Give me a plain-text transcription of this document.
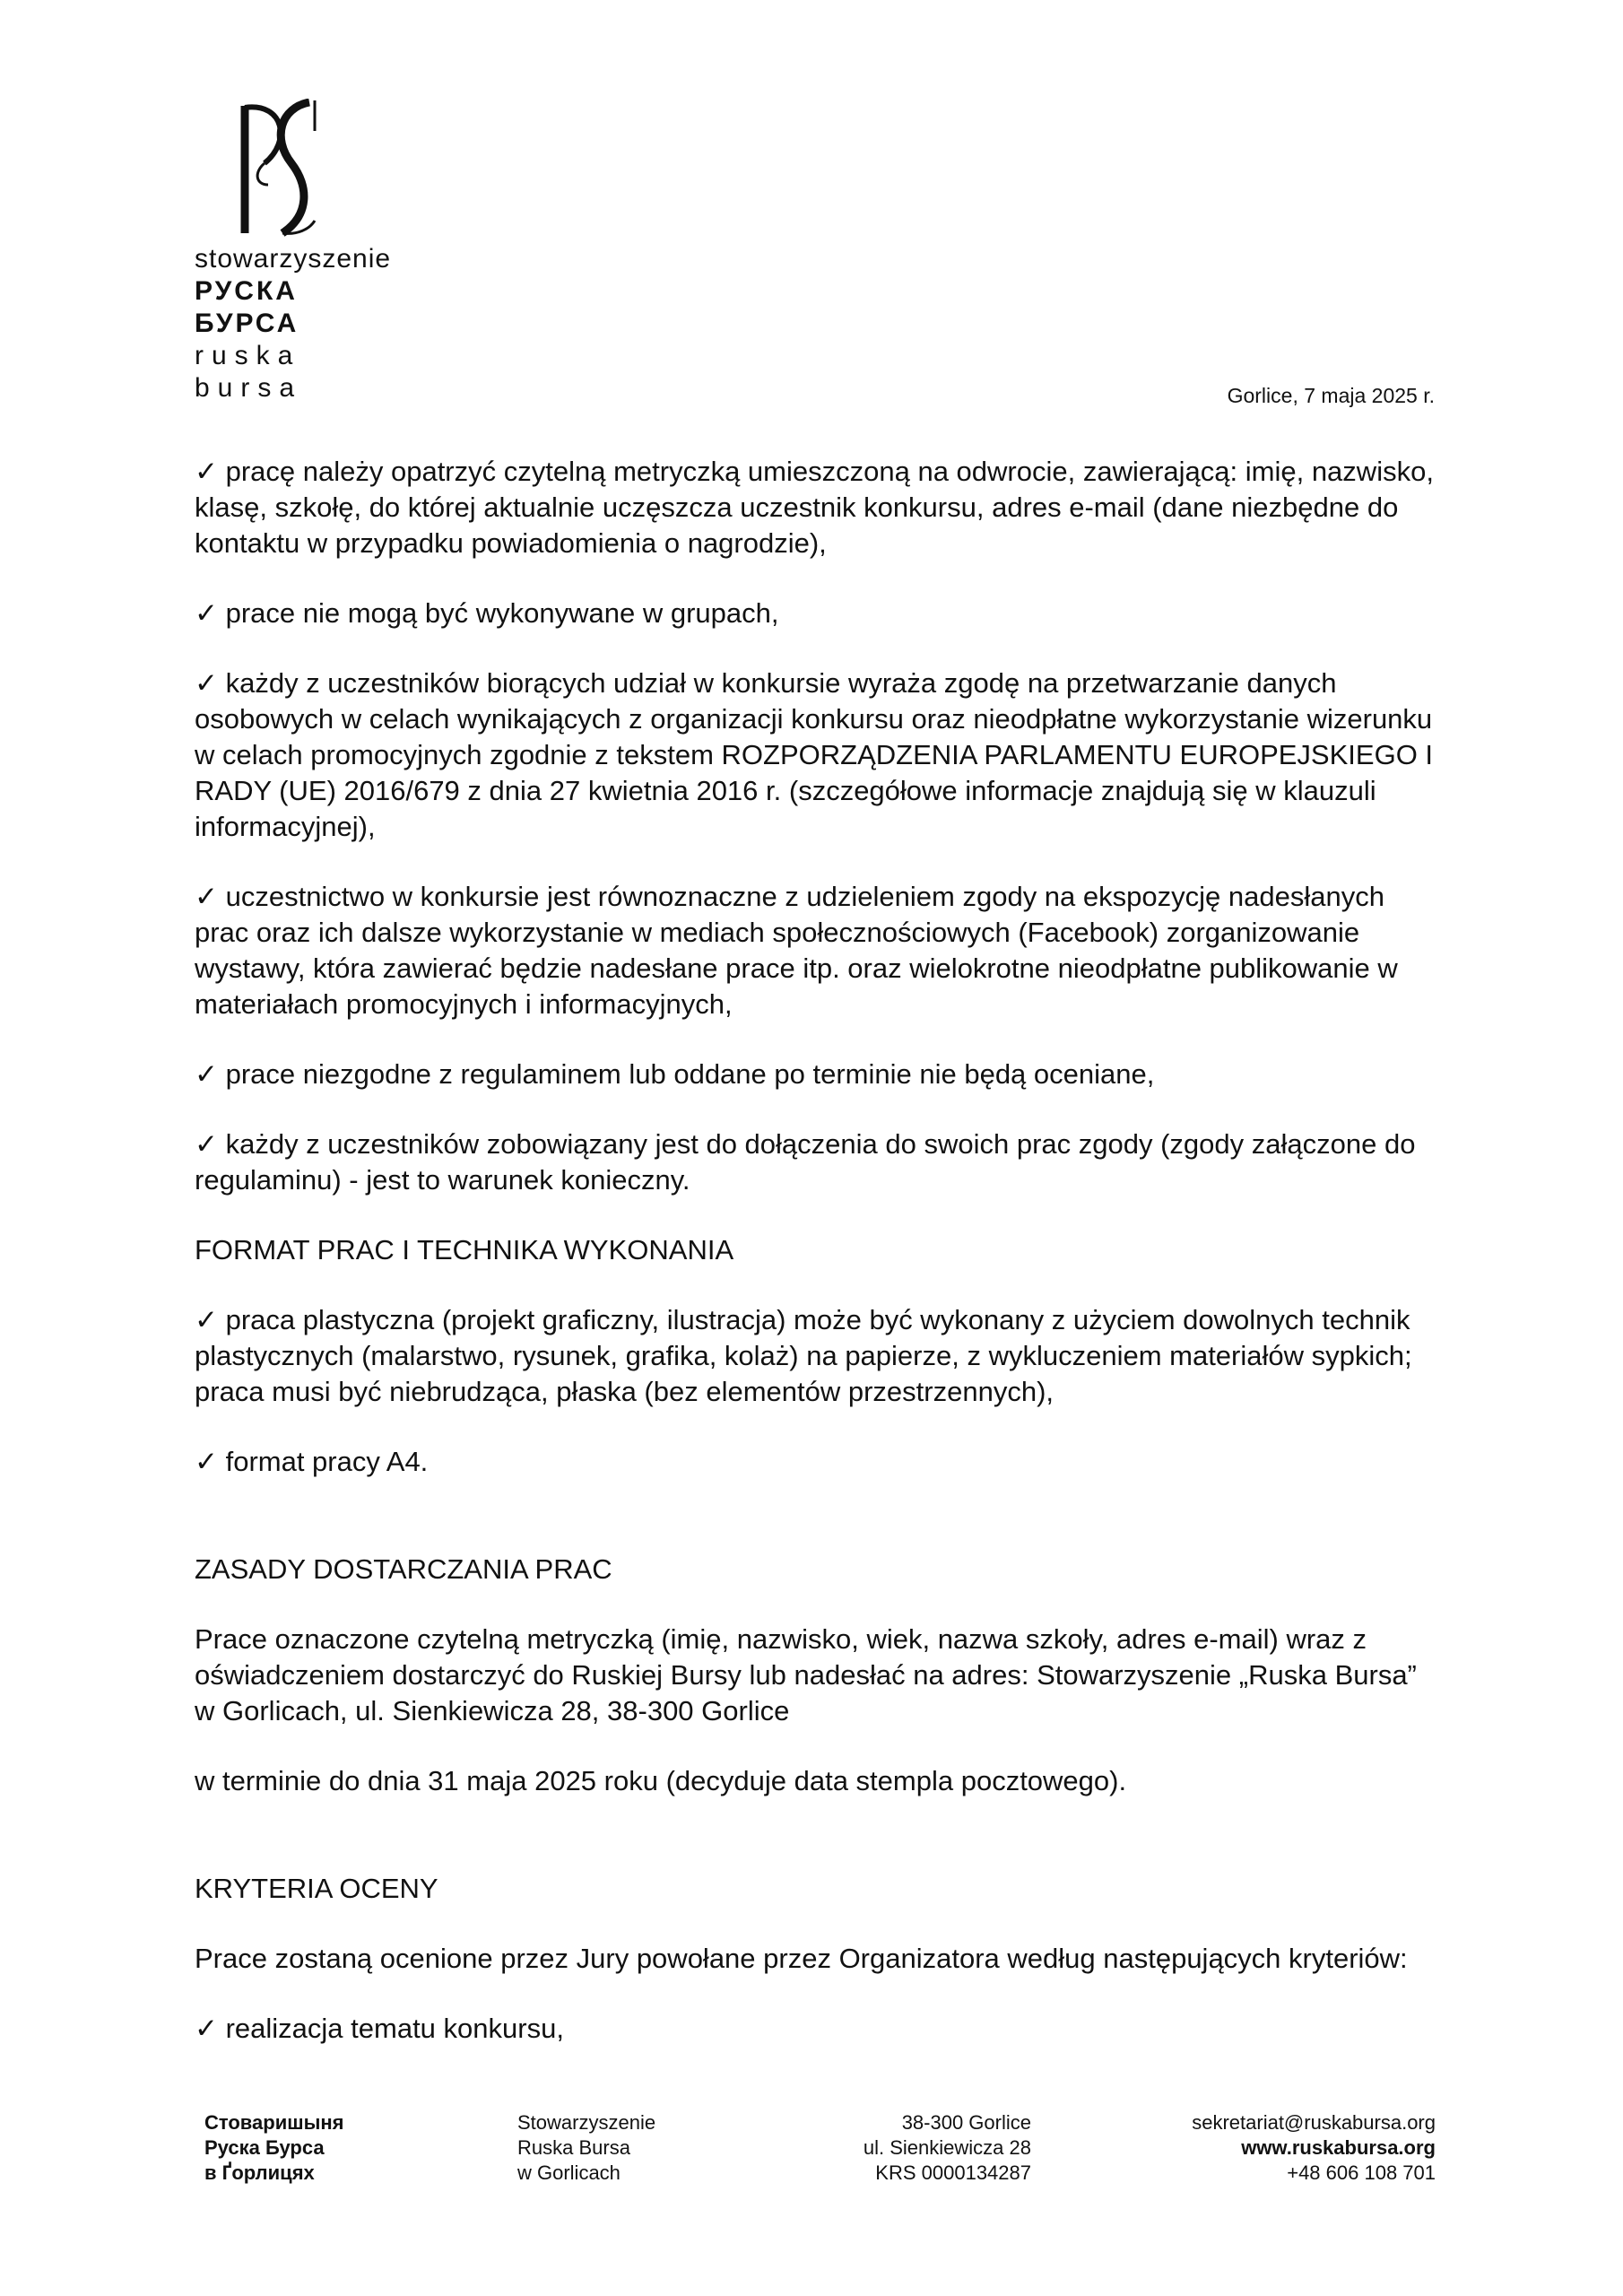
stowarzyszenie
РУСКА БУРСА
ruska bursa	Gorlice, 7 maja 2025 r.

✓ pracę należy opatrzyć czytelną metryczką umieszczoną na odwrocie, zawierającą: imię, nazwisko, klasę, szkołę, do której aktualnie uczęszcza uczestnik konkursu, adres e-mail (dane niezbędne do kontaktu w przypadku powiadomienia o nagrodzie),

✓ prace nie mogą być wykonywane w grupach,

✓ każdy z uczestników biorących udział w konkursie wyraża zgodę na przetwarzanie danych osobowych w celach wynikających z organizacji konkursu oraz nieodpłatne wykorzystanie wizerunku w celach promocyjnych zgodnie z tekstem ROZPORZĄDZENIA PARLAMENTU EUROPEJSKIEGO I RADY (UE) 2016/679 z dnia 27 kwietnia 2016 r. (szczegółowe informacje znajdują się w klauzuli informacyjnej),

✓ uczestnictwo w konkursie jest równoznaczne z udzieleniem zgody na ekspozycję nadesłanych prac oraz ich dalsze wykorzystanie w mediach społecznościowych (Facebook) zorganizowanie wystawy, która zawierać będzie nadesłane prace itp. oraz wielokrotne nieodpłatne publikowanie w materiałach promocyjnych i informacyjnych,

✓ prace niezgodne z regulaminem lub oddane po terminie nie będą oceniane,

✓ każdy z uczestników zobowiązany jest do dołączenia do swoich prac zgody (zgody załączone do regulaminu) - jest to warunek konieczny.

FORMAT PRAC I TECHNIKA WYKONANIA

✓ praca plastyczna (projekt graficzny, ilustracja) może być wykonany z użyciem dowolnych technik plastycznych (malarstwo, rysunek, grafika, kolaż) na papierze, z wykluczeniem materiałów sypkich; praca musi być niebrudząca, płaska (bez elementów przestrzennych),

✓ format pracy A4.

ZASADY DOSTARCZANIA PRAC

Prace oznaczone czytelną metryczką (imię, nazwisko, wiek, nazwa szkoły, adres e-mail) wraz z oświadczeniem dostarczyć do Ruskiej Bursy lub nadesłać na adres: Stowarzyszenie „Ruska Bursa” w Gorlicach, ul. Sienkiewicza 28, 38-300 Gorlice

w terminie do dnia 31 maja 2025 roku (decyduje data stempla pocztowego).

KRYTERIA OCENY

Prace zostaną ocenione przez Jury powołane przez Organizatora według następujących kryteriów:

✓ realizacja tematu konkursu,

Стоваришыня
Руска Бурса
в Ґорлицях
Stowarzyszenie
Ruska Bursa
w Gorlicach
38-300 Gorlice
ul. Sienkiewicza 28
KRS 0000134287
sekretariat@ruskabursa.org
www.ruskabursa.org
+48 606 108 701
